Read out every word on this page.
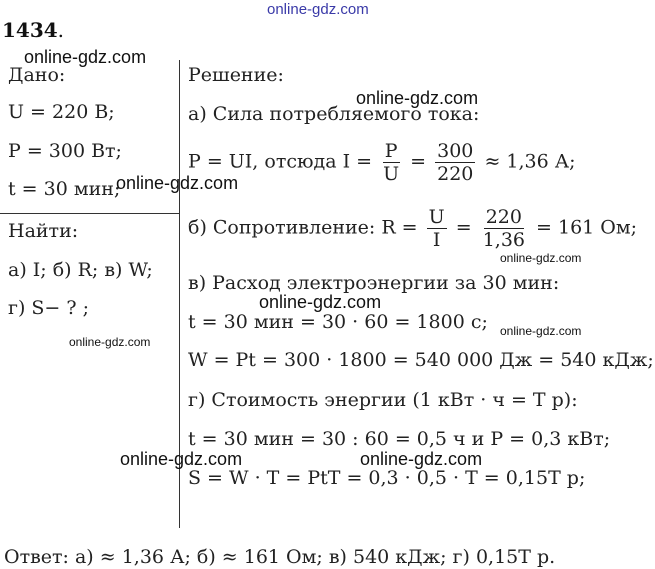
online-gdz.com
1434.
Дано:
U = 220 В;
P = 300 Вт;
t = 30 мин;
Найти:
а) I; б) R; в) W;
г) S− ? ;
Решение:
а) Сила потребляемого тока:
P = UI, отсюда $I = \frac{P}{U} = \frac{300}{220} \approx 1,36$ А;
б) Сопротивление: $R = \frac{U}{I} = \frac{220}{1,36} = 161$ Ом;
в) Расход электроэнергии за 30 мин:
t = 30 мин = 30 · 60 = 1800 с;
W = Pt = 300 · 1800 = 540 000 Дж = 540 кДж;
г) Стоимость энергии (1 кВт · ч = T р):
t = 30 мин = 30 : 60 = 0,5 ч и P = 0,3 кВт;
S = W · T = PtT = 0,3 · 0,5 · T = 0,15T р;
Ответ: а) ≈ 1,36 А; б) ≈ 161 Ом; в) 540 кДж; г) 0,15T р.
online-gdz.com
online-gdz.com
online-gdz.com
online-gdz.com
online-gdz.com
online-gdz.com
online-gdz.com
online-gdz.com	online-gdz.com
